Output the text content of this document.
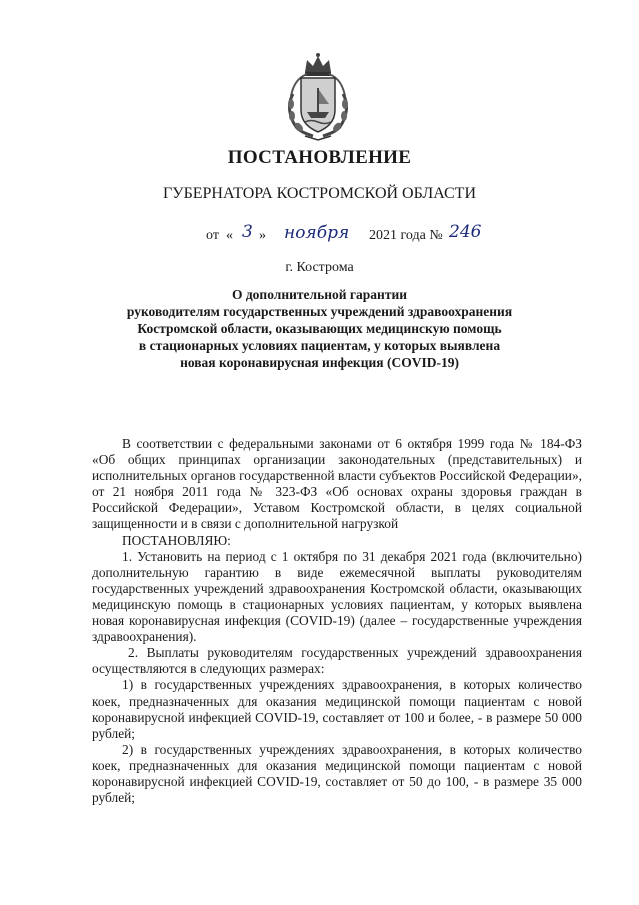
ПОСТАНОВЛЕНИЕ
ГУБЕРНАТОРА КОСТРОМСКОЙ ОБЛАСТИ
от « 3 » ноября 2021 года № 246
г. Кострома
О дополнительной гарантии
руководителям государственных учреждений здравоохранения
Костромской области, оказывающих медицинскую помощь
в стационарных условиях пациентам, у которых выявлена
новая коронавирусная инфекция (COVID-19)

В соответствии с федеральными законами от 6 октября 1999 года № 184-ФЗ «Об общих принципах организации законодательных (представительных) и исполнительных органов государственной власти субъектов Российской Федерации», от 21 ноября 2011 года № 323-ФЗ «Об основах охраны здоровья граждан в Российской Федерации», Уставом Костромской области, в целях социальной защищенности и в связи с дополнительной нагрузкой

ПОСТАНОВЛЯЮ:

1. Установить на период с 1 октября по 31 декабря 2021 года (включительно) дополнительную гарантию в виде ежемесячной выплаты руководителям государственных учреждений здравоохранения Костромской области, оказывающих медицинскую помощь в стационарных условиях пациентам, у которых выявлена новая коронавирусная инфекция (COVID-19) (далее – государственные учреждения здравоохранения).

2. Выплаты руководителям государственных учреждений здравоохранения осуществляются в следующих размерах:

1) в государственных учреждениях здравоохранения, в которых количество коек, предназначенных для оказания медицинской помощи пациентам с новой коронавирусной инфекцией COVID-19, составляет от 100 и более, - в размере 50 000 рублей;

2) в государственных учреждениях здравоохранения, в которых количество коек, предназначенных для оказания медицинской помощи пациентам с новой коронавирусной инфекцией COVID-19, составляет от 50 до 100, - в размере 35 000 рублей;
